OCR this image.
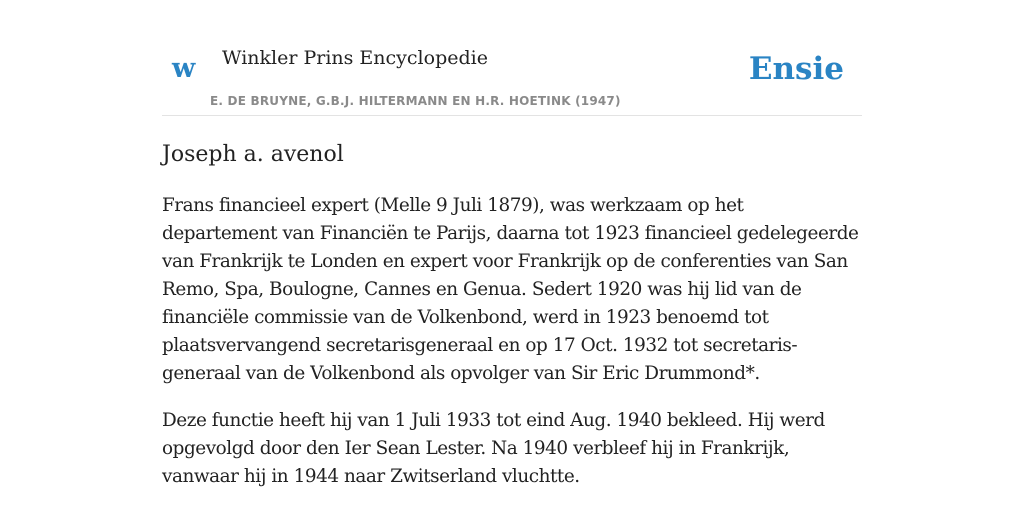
w Winkler Prins Encyclopedie
E. DE BRUYNE, G.B.J. HILTERMANN EN H.R. HOETINK (1947)
Ensie
Joseph a. avenol

Frans financieel expert (Melle 9 Juli 1879), was werkzaam op het departement van Financiën te Parijs, daarna tot 1923 financieel gedelegeerde van Frankrijk te Londen en expert voor Frankrijk op de conferenties van San Remo, Spa, Boulogne, Cannes en Genua. Sedert 1920 was hij lid van de financiële commissie van de Volkenbond, werd in 1923 benoemd tot plaatsvervangend secretarisgeneraal en op 17 Oct. 1932 tot secretaris-generaal van de Volkenbond als opvolger van Sir Eric Drummond*.

Deze functie heeft hij van 1 Juli 1933 tot eind Aug. 1940 bekleed. Hij werd opgevolgd door den Ier Sean Lester. Na 1940 verbleef hij in Frankrijk, vanwaar hij in 1944 naar Zwitserland vluchtte.
